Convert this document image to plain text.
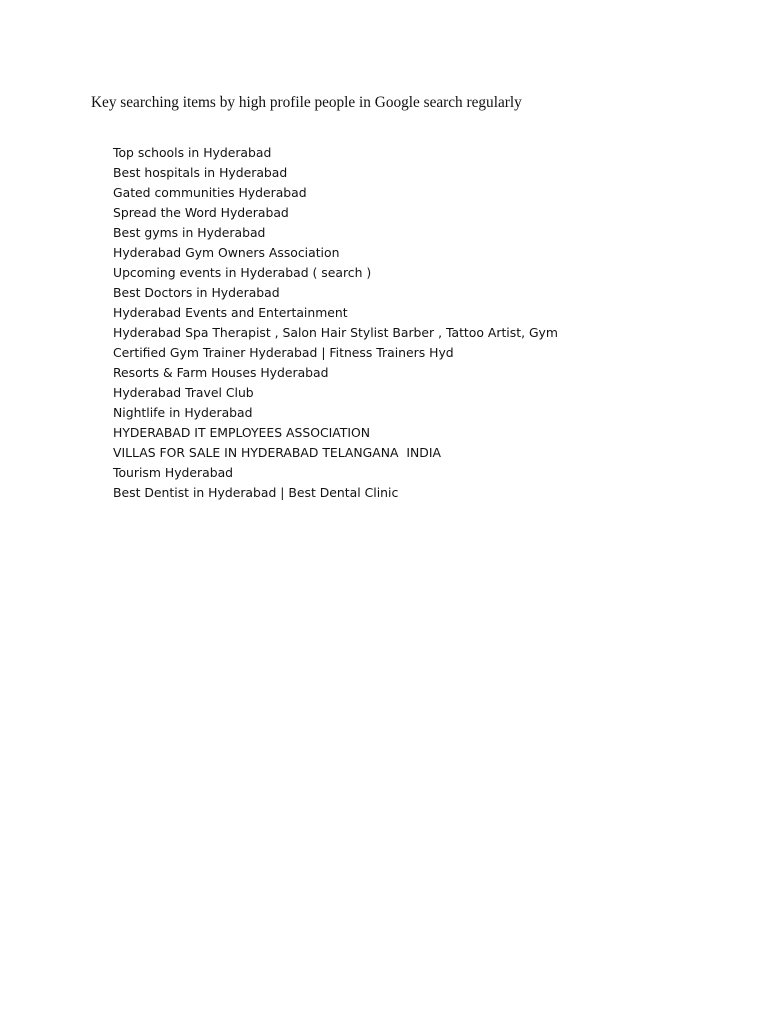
Key searching items by high profile people in Google search regularly
Top schools in Hyderabad
Best hospitals in Hyderabad
Gated communities Hyderabad
Spread the Word Hyderabad
Best gyms in Hyderabad
Hyderabad Gym Owners Association
Upcoming events in Hyderabad ( search )
Best Doctors in Hyderabad
Hyderabad Events and Entertainment
Hyderabad Spa Therapist , Salon Hair Stylist Barber , Tattoo Artist, Gym
Certified Gym Trainer Hyderabad | Fitness Trainers Hyd
Resorts & Farm Houses Hyderabad
Hyderabad Travel Club
Nightlife in Hyderabad
HYDERABAD IT EMPLOYEES ASSOCIATION
VILLAS FOR SALE IN HYDERABAD TELANGANA  INDIA
Tourism Hyderabad
Best Dentist in Hyderabad | Best Dental Clinic
